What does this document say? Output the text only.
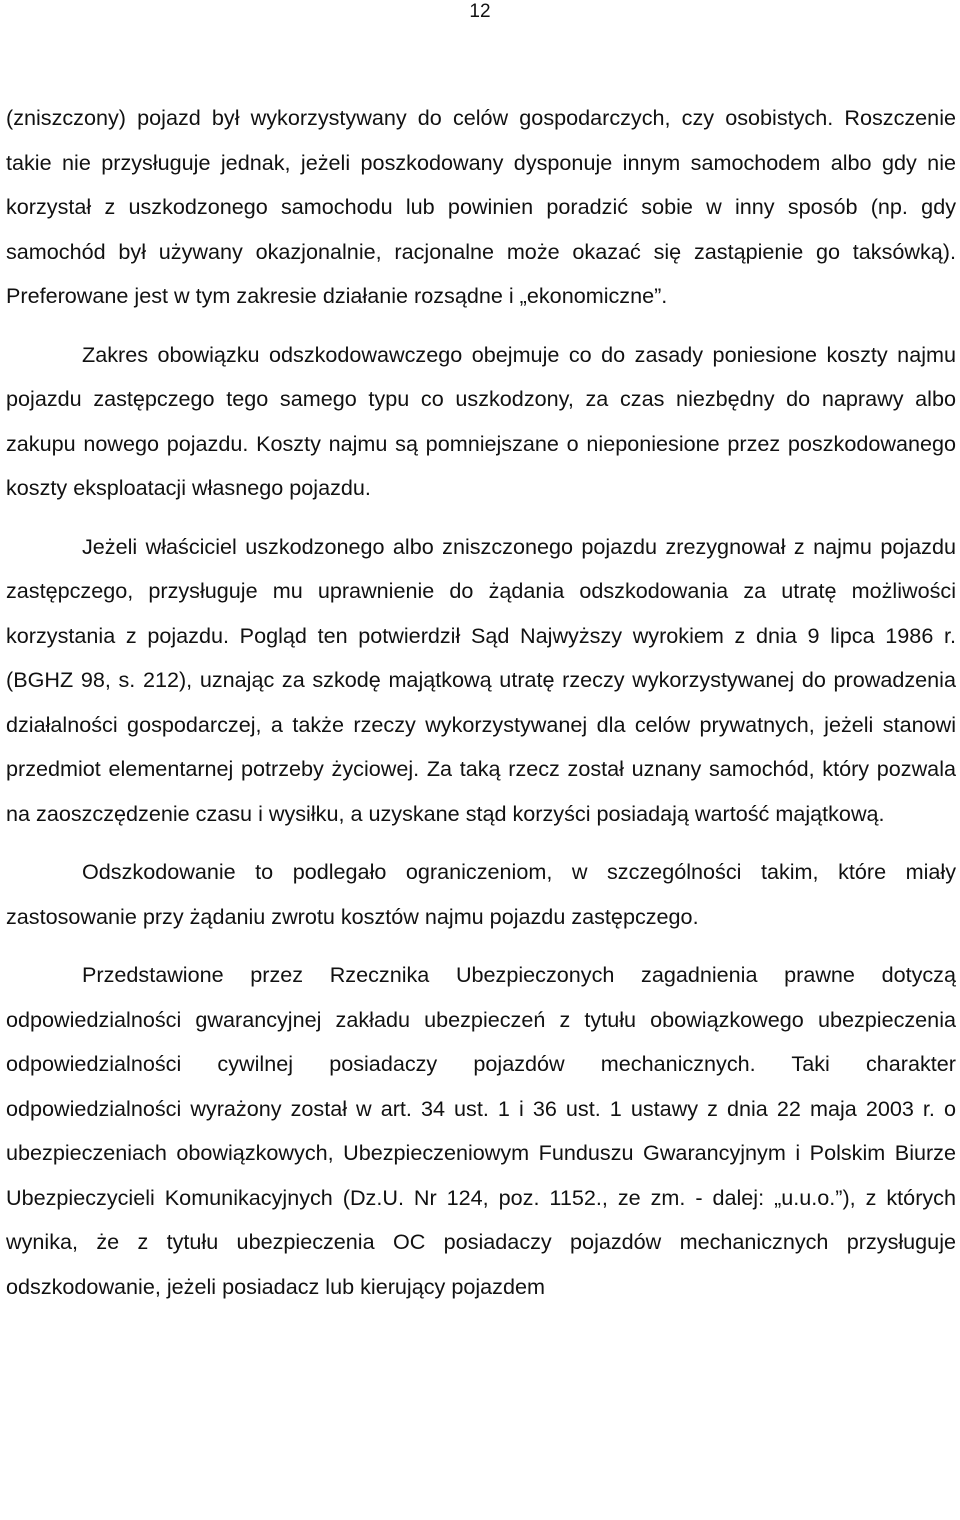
12

(zniszczony) pojazd był wykorzystywany do celów gospodarczych, czy osobistych. Roszczenie takie nie przysługuje jednak, jeżeli poszkodowany dysponuje innym samochodem albo gdy nie korzystał z uszkodzonego samochodu lub powinien poradzić sobie w inny sposób (np. gdy samochód był używany okazjonalnie, racjonalne może okazać się zastąpienie go taksówką). Preferowane jest w tym zakresie działanie rozsądne i „ekonomiczne”.

Zakres obowiązku odszkodowawczego obejmuje co do zasady poniesione koszty najmu pojazdu zastępczego tego samego typu co uszkodzony, za czas niezbędny do naprawy albo zakupu nowego pojazdu. Koszty najmu są pomniejszane o nieponiesione przez poszkodowanego koszty eksploatacji własnego pojazdu.

Jeżeli właściciel uszkodzonego albo zniszczonego pojazdu zrezygnował z najmu pojazdu zastępczego, przysługuje mu uprawnienie do żądania odszkodowania za utratę możliwości korzystania z pojazdu. Pogląd ten potwierdził Sąd Najwyższy wyrokiem z dnia 9 lipca 1986 r. (BGHZ 98, s. 212), uznając za szkodę majątkową utratę rzeczy wykorzystywanej do prowadzenia działalności gospodarczej, a także rzeczy wykorzystywanej dla celów prywatnych, jeżeli stanowi przedmiot elementarnej potrzeby życiowej. Za taką rzecz został uznany samochód, który pozwala na zaoszczędzenie czasu i wysiłku, a uzyskane stąd korzyści posiadają wartość majątkową.

Odszkodowanie to podlegało ograniczeniom, w szczególności takim, które miały zastosowanie przy żądaniu zwrotu kosztów najmu pojazdu zastępczego.

Przedstawione przez Rzecznika Ubezpieczonych zagadnienia prawne dotyczą odpowiedzialności gwarancyjnej zakładu ubezpieczeń z tytułu obowiązkowego ubezpieczenia odpowiedzialności cywilnej posiadaczy pojazdów mechanicznych. Taki charakter odpowiedzialności wyrażony został w art. 34 ust. 1 i 36 ust. 1 ustawy z dnia 22 maja 2003 r. o ubezpieczeniach obowiązkowych, Ubezpieczeniowym Funduszu Gwarancyjnym i Polskim Biurze Ubezpieczycieli Komunikacyjnych (Dz.U. Nr 124, poz. 1152., ze zm. - dalej: „u.u.o.”), z których wynika, że z tytułu ubezpieczenia OC posiadaczy pojazdów mechanicznych przysługuje odszkodowanie, jeżeli posiadacz lub kierujący pojazdem
